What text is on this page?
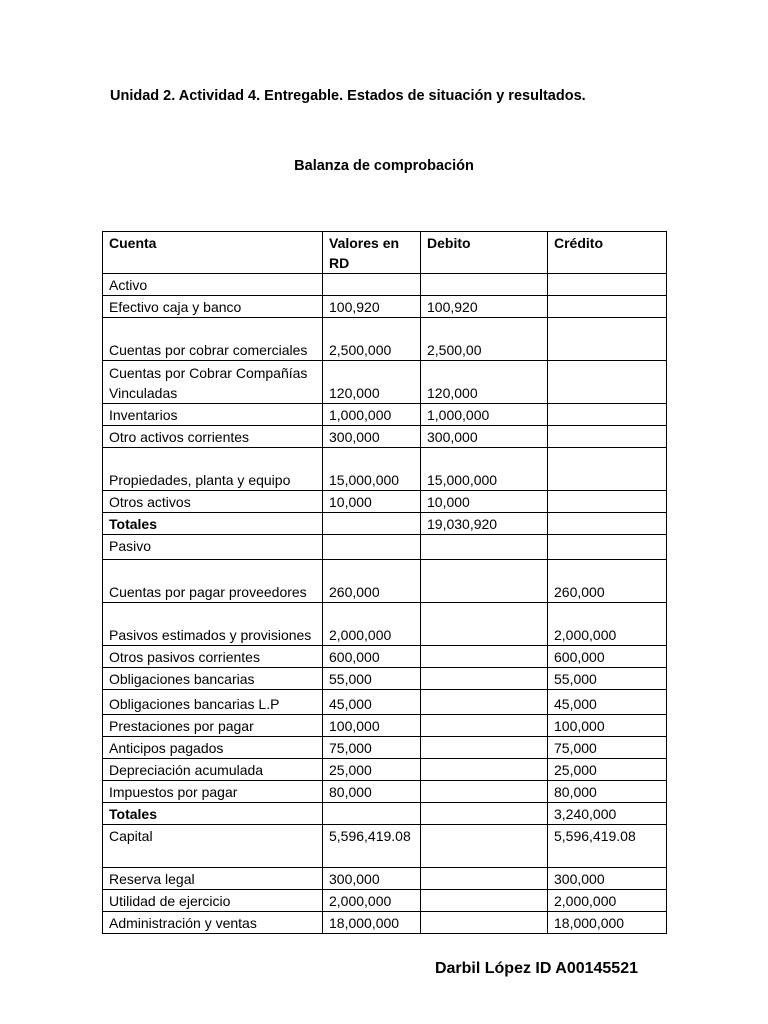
Unidad 2. Actividad 4. Entregable. Estados de situación y resultados.
Balanza de comprobación
Cuenta	Valores en RD	Debito	Crédito
Activo			
Efectivo caja y banco	100,920	100,920	
Cuentas por cobrar comerciales	2,500,000	2,500,00	
Cuentas por Cobrar Compañías Vinculadas	120,000	120,000	
Inventarios	1,000,000	1,000,000	
Otro activos corrientes	300,000	300,000	
Propiedades, planta y equipo	15,000,000	15,000,000	
Otros activos	10,000	10,000	
Totales		19,030,920	
Pasivo			
Cuentas por pagar proveedores	260,000		260,000
Pasivos estimados y provisiones	2,000,000		2,000,000
Otros pasivos corrientes	600,000		600,000
Obligaciones bancarias	55,000		55,000
Obligaciones bancarias L.P	45,000		45,000
Prestaciones por pagar	100,000		100,000
Anticipos pagados	75,000		75,000
Depreciación acumulada	25,000		25,000
Impuestos por pagar	80,000		80,000
Totales			3,240,000
Capital	5,596,419.08		5,596,419.08
Reserva legal	300,000		300,000
Utilidad de ejercicio	2,000,000		2,000,000
Administración y ventas	18,000,000		18,000,000
Darbil López ID A00145521
